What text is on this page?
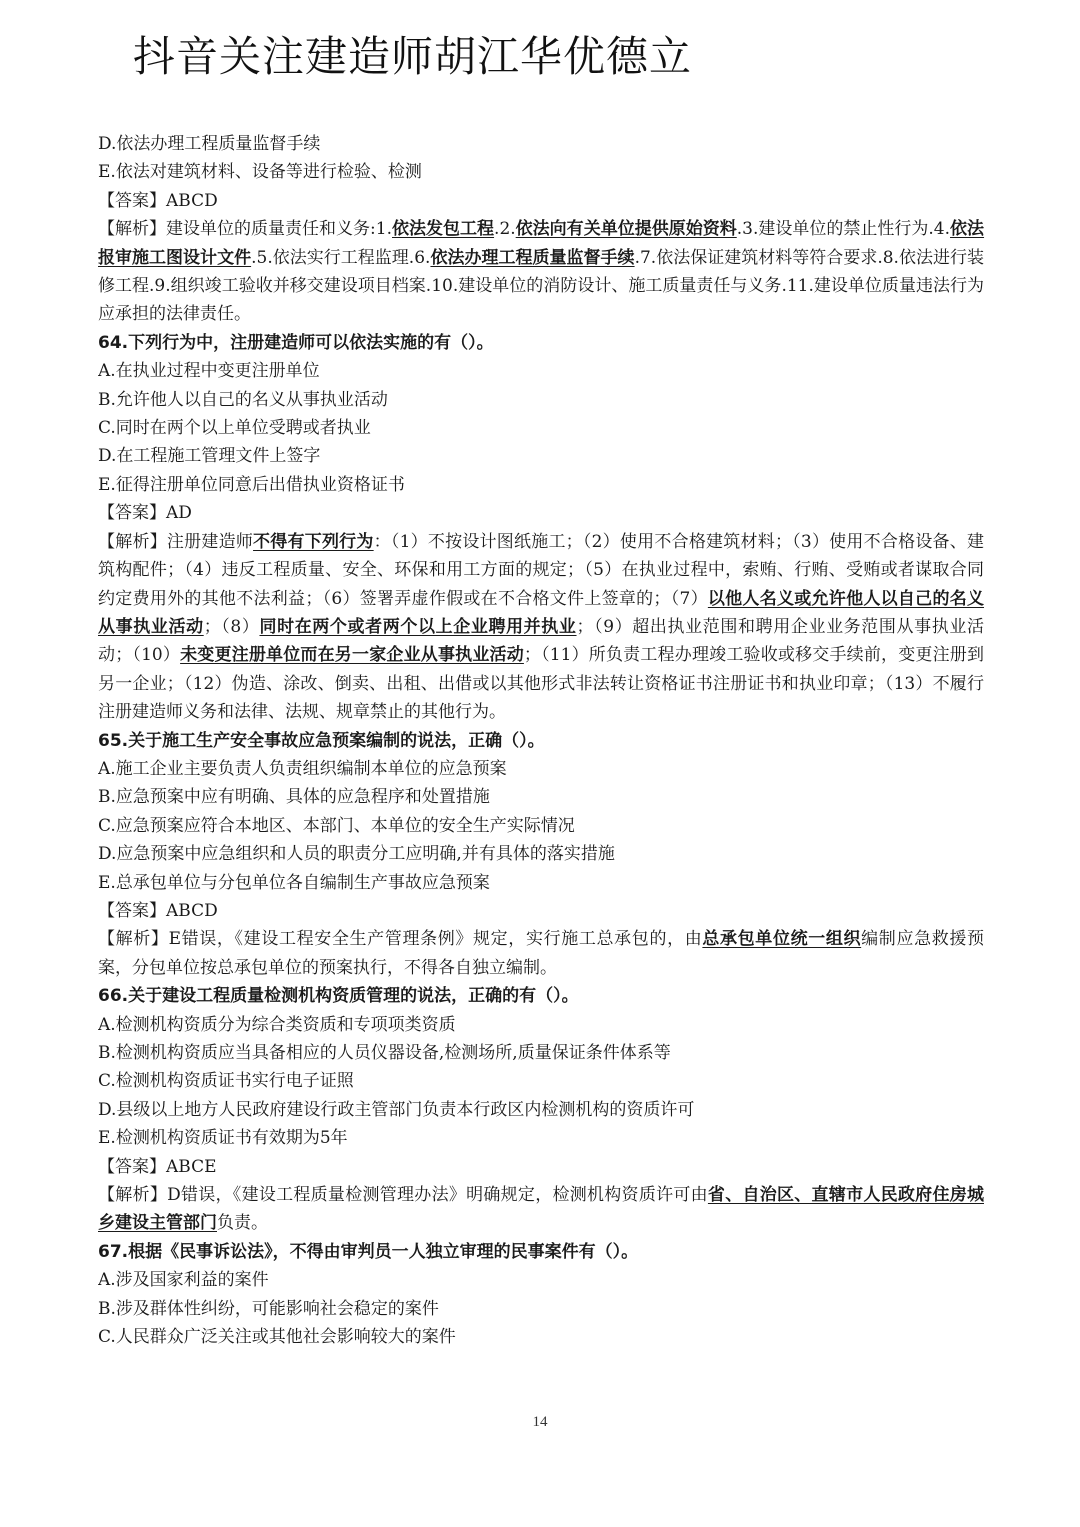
抖音关注建造师胡江华优德立
D.依法办理工程质量监督手续
E.依法对建筑材料、设备等进行检验、检测
【答案】ABCD
【解析】建设单位的质量责任和义务:1.依法发包工程.2.依法向有关单位提供原始资料.3.建设单位的禁止性行为.4.依法报审施工图设计文件.5.依法实行工程监理.6.依法办理工程质量监督手续.7.依法保证建筑材料等符合要求.8.依法进行装修工程.9.组织竣工验收并移交建设项目档案.10.建设单位的消防设计、施工质量责任与义务.11.建设单位质量违法行为应承担的法律责任。
64.下列行为中，注册建造师可以依法实施的有（）。
A.在执业过程中变更注册单位
B.允许他人以自己的名义从事执业活动
C.同时在两个以上单位受聘或者执业
D.在工程施工管理文件上签字
E.征得注册单位同意后出借执业资格证书
【答案】AD
【解析】注册建造师不得有下列行为：（1）不按设计图纸施工；（2）使用不合格建筑材料；（3）使用不合格设备、建筑构配件；（4）违反工程质量、安全、环保和用工方面的规定；（5）在执业过程中，索贿、行贿、受贿或者谋取合同约定费用外的其他不法利益；（6）签署弄虚作假或在不合格文件上签章的；（7）以他人名义或允许他人以自己的名义从事执业活动；（8）同时在两个或者两个以上企业聘用并执业；（9）超出执业范围和聘用企业业务范围从事执业活动；（10）未变更注册单位而在另一家企业从事执业活动；（11）所负责工程办理竣工验收或移交手续前，变更注册到另一企业；（12）伪造、涂改、倒卖、出租、出借或以其他形式非法转让资格证书注册证书和执业印章；（13）不履行注册建造师义务和法律、法规、规章禁止的其他行为。
65.关于施工生产安全事故应急预案编制的说法，正确（）。
A.施工企业主要负责人负责组织编制本单位的应急预案
B.应急预案中应有明确、具体的应急程序和处置措施
C.应急预案应符合本地区、本部门、本单位的安全生产实际情况
D.应急预案中应急组织和人员的职责分工应明确,并有具体的落实措施
E.总承包单位与分包单位各自编制生产事故应急预案
【答案】ABCD
【解析】E错误，《建设工程安全生产管理条例》规定，实行施工总承包的，由总承包单位统一组织编制应急救援预案，分包单位按总承包单位的预案执行，不得各自独立编制。
66.关于建设工程质量检测机构资质管理的说法，正确的有（）。
A.检测机构资质分为综合类资质和专项项类资质
B.检测机构资质应当具备相应的人员仪器设备,检测场所,质量保证条件体系等
C.检测机构资质证书实行电子证照
D.县级以上地方人民政府建设行政主管部门负责本行政区内检测机构的资质许可
E.检测机构资质证书有效期为5年
【答案】ABCE
【解析】D错误，《建设工程质量检测管理办法》明确规定，检测机构资质许可由省、自治区、直辖市人民政府住房城乡建设主管部门负责。
67.根据《民事诉讼法》，不得由审判员一人独立审理的民事案件有（）。
A.涉及国家利益的案件
B.涉及群体性纠纷，可能影响社会稳定的案件
C.人民群众广泛关注或其他社会影响较大的案件
14
